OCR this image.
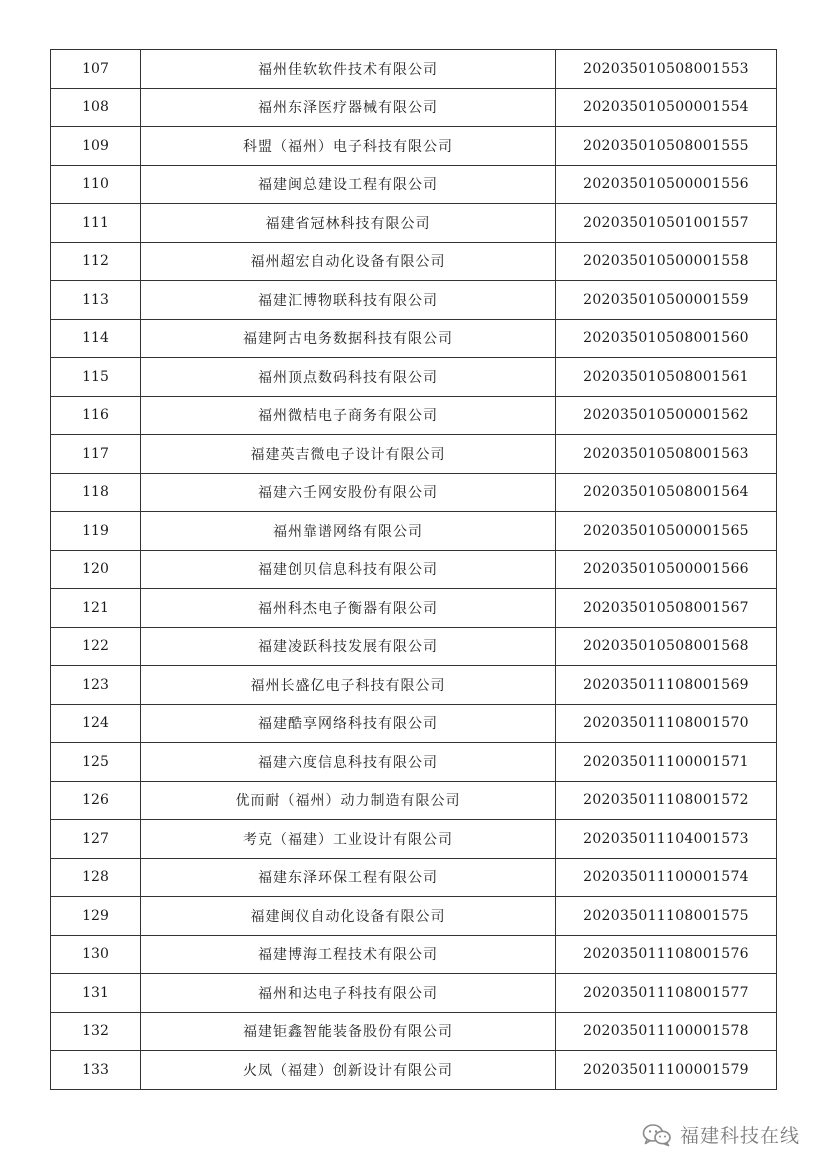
107	福州佳软软件技术有限公司	202035010508001553
108	福州东泽医疗器械有限公司	202035010500001554
109	科盟（福州）电子科技有限公司	202035010508001555
110	福建闽总建设工程有限公司	202035010500001556
111	福建省冠林科技有限公司	202035010501001557
112	福州超宏自动化设备有限公司	202035010500001558
113	福建汇博物联科技有限公司	202035010500001559
114	福建阿古电务数据科技有限公司	202035010508001560
115	福州顶点数码科技有限公司	202035010508001561
116	福州微桔电子商务有限公司	202035010500001562
117	福建英吉微电子设计有限公司	202035010508001563
118	福建六壬网安股份有限公司	202035010508001564
119	福州靠谱网络有限公司	202035010500001565
120	福建创贝信息科技有限公司	202035010500001566
121	福州科杰电子衡器有限公司	202035010508001567
122	福建凌跃科技发展有限公司	202035010508001568
123	福州长盛亿电子科技有限公司	202035011108001569
124	福建酷享网络科技有限公司	202035011108001570
125	福建六度信息科技有限公司	202035011100001571
126	优而耐（福州）动力制造有限公司	202035011108001572
127	考克（福建）工业设计有限公司	202035011104001573
128	福建东泽环保工程有限公司	202035011100001574
129	福建闽仪自动化设备有限公司	202035011108001575
130	福建博海工程技术有限公司	202035011108001576
131	福州和达电子科技有限公司	202035011108001577
132	福建钜鑫智能装备股份有限公司	202035011100001578
133	火凤（福建）创新设计有限公司	202035011100001579
福建科技在线
